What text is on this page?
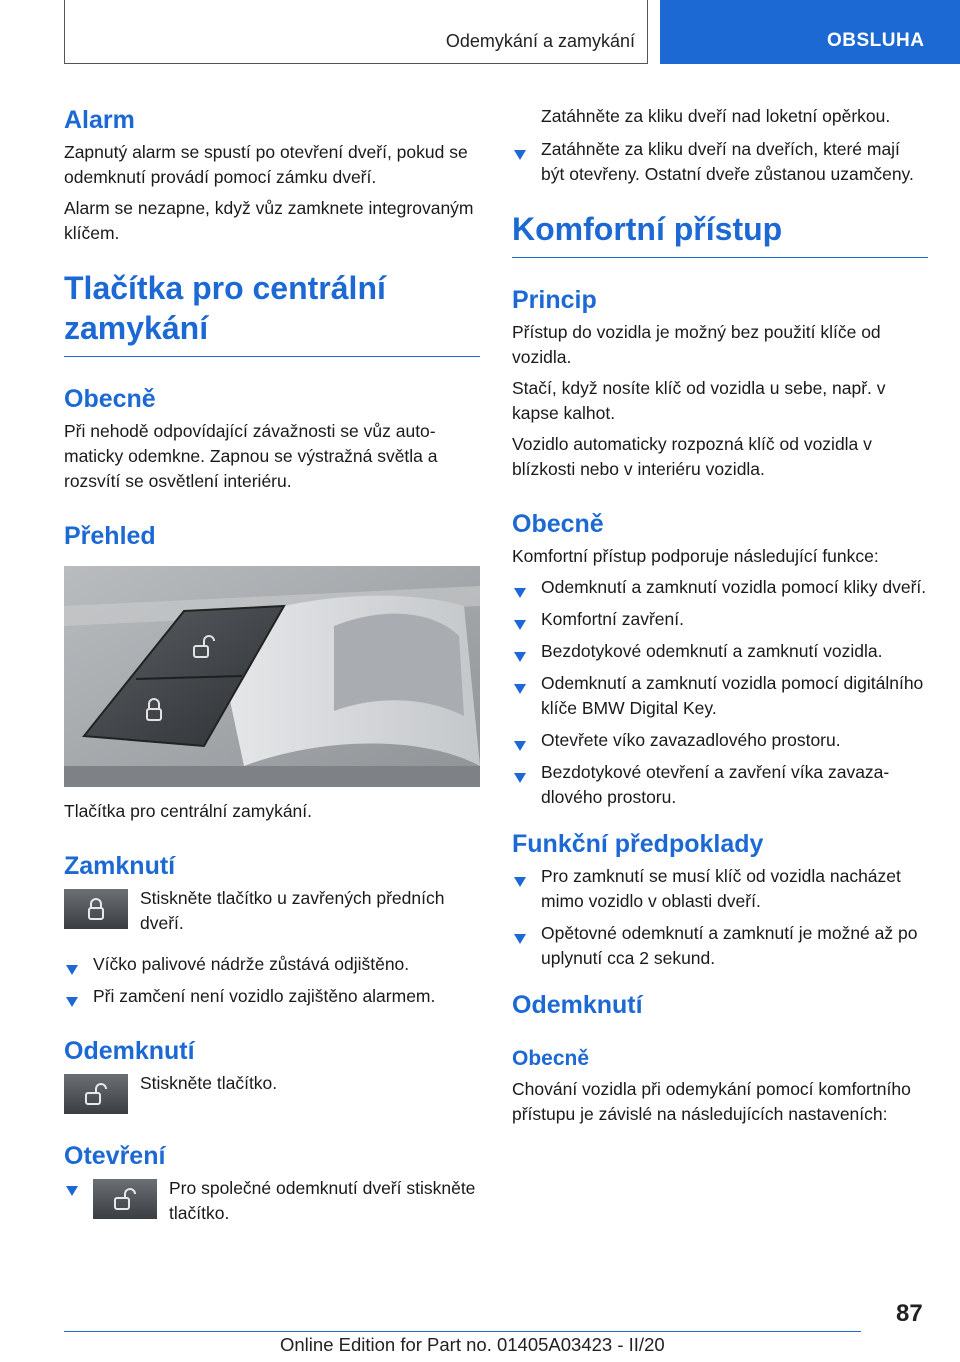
Odemykání a zamykání	OBSLUHA
Alarm

Zapnutý alarm se spustí po otevření dveří, pokud se odemknutí provádí pomocí zámku dveří.

Alarm se nezapne, když vůz zamknete integrovaným klíčem.

Tlačítka pro centrální zamykání
Obecně

Při nehodě odpovídající závažnosti se vůz automaticky odemkne. Zapnou se výstražná světla a rozsvítí se osvětlení interiéru.

Přehled

Tlačítka pro centrální zamykání.

Zamknutí

Stiskněte tlačítko u zavřených předních dveří.

Víčko palivové nádrže zůstává odjištěno.
Při zamčení není vozidlo zajištěno alarmem.
Odemknutí

Stiskněte tlačítko.

Otevření

Pro společné odemknutí dveří stiskněte tlačítko.

Zatáhněte za kliku dveří nad loketní opěrkou.

Zatáhněte za kliku dveří na dveřích, které mají být otevřeny. Ostatní dveře zůstanou uzamčeny.
Komfortní přístup
Princip

Přístup do vozidla je možný bez použití klíče od vozidla.

Stačí, když nosíte klíč od vozidla u sebe, např. v kapse kalhot.

Vozidlo automaticky rozpozná klíč od vozidla v blízkosti nebo v interiéru vozidla.

Obecně

Komfortní přístup podporuje následující funkce:

Odemknutí a zamknutí vozidla pomocí kliky dveří.
Komfortní zavření.
Bezdotykové odemknutí a zamknutí vozidla.
Odemknutí a zamknutí vozidla pomocí digitálního klíče BMW Digital Key.
Otevřete víko zavazadlového prostoru.
Bezdotykové otevření a zavření víka zavazadlového prostoru.
Funkční předpoklady
Pro zamknutí se musí klíč od vozidla nacházet mimo vozidlo v oblasti dveří.
Opětovné odemknutí a zamknutí je možné až po uplynutí cca 2 sekund.
Odemknutí
Obecně

Chování vozidla při odemykání pomocí komfortního přístupu je závislé na následujících nastaveních:

87
Online Edition for Part no. 01405A03423 - II/20
